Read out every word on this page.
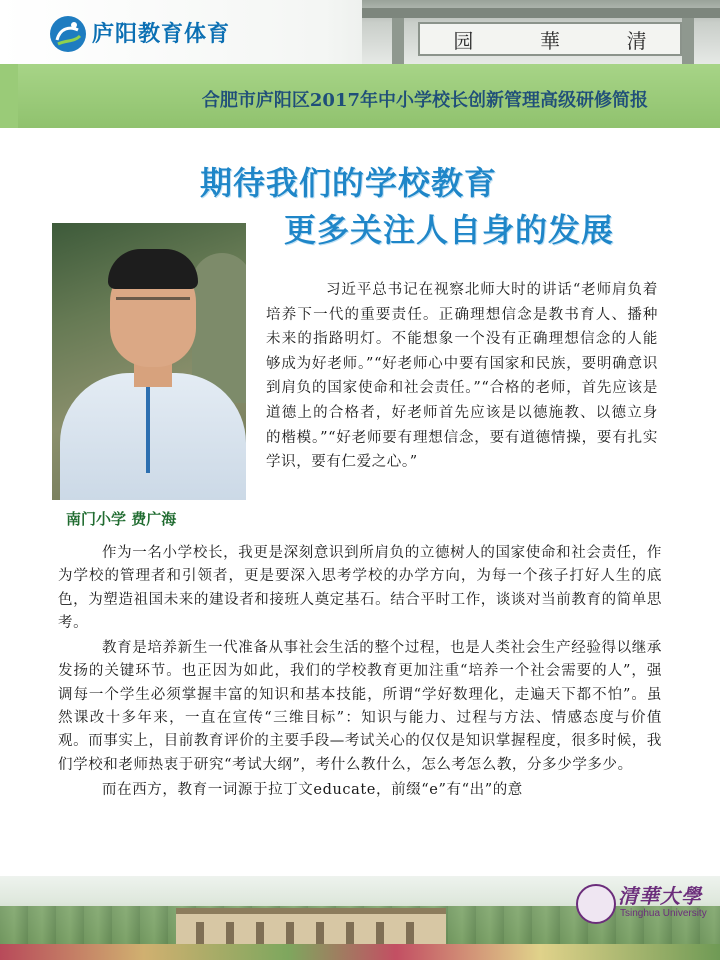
园	華	清
庐阳教育体育
合肥市庐阳区2017年中小学校长创新管理高级研修简报
期待我们的学校教育
更多关注人自身的发展
南门小学 费广海
习近平总书记在视察北师大时的讲话“老师肩负着培养下一代的重要责任。正确理想信念是教书育人、播种未来的指路明灯。不能想象一个没有正确理想信念的人能够成为好老师。”“好老师心中要有国家和民族，要明确意识到肩负的国家使命和社会责任。”“合格的老师，首先应该是道德上的合格者，好老师首先应该是以德施教、以德立身的楷模。”“好老师要有理想信念，要有道德情操，要有扎实学识，要有仁爱之心。”

作为一名小学校长，我更是深刻意识到所肩负的立德树人的国家使命和社会责任，作为学校的管理者和引领者，更是要深入思考学校的办学方向，为每一个孩子打好人生的底色，为塑造祖国未来的建设者和接班人奠定基石。结合平时工作，谈谈对当前教育的简单思考。

教育是培养新生一代准备从事社会生活的整个过程，也是人类社会生产经验得以继承发扬的关键环节。也正因为如此，我们的学校教育更加注重“培养一个社会需要的人”，强调每一个学生必须掌握丰富的知识和基本技能，所谓“学好数理化，走遍天下都不怕”。虽然课改十多年来，一直在宣传“三维目标”：知识与能力、过程与方法、情感态度与价值观。而事实上，目前教育评价的主要手段—考试关心的仅仅是知识掌握程度，很多时候，我们学校和老师热衷于研究“考试大纲”，考什么教什么，怎么考怎么教，分多少学多少。

而在西方，教育一词源于拉丁文educate，前缀“e”有“出”的意

清華大學
Tsinghua University
